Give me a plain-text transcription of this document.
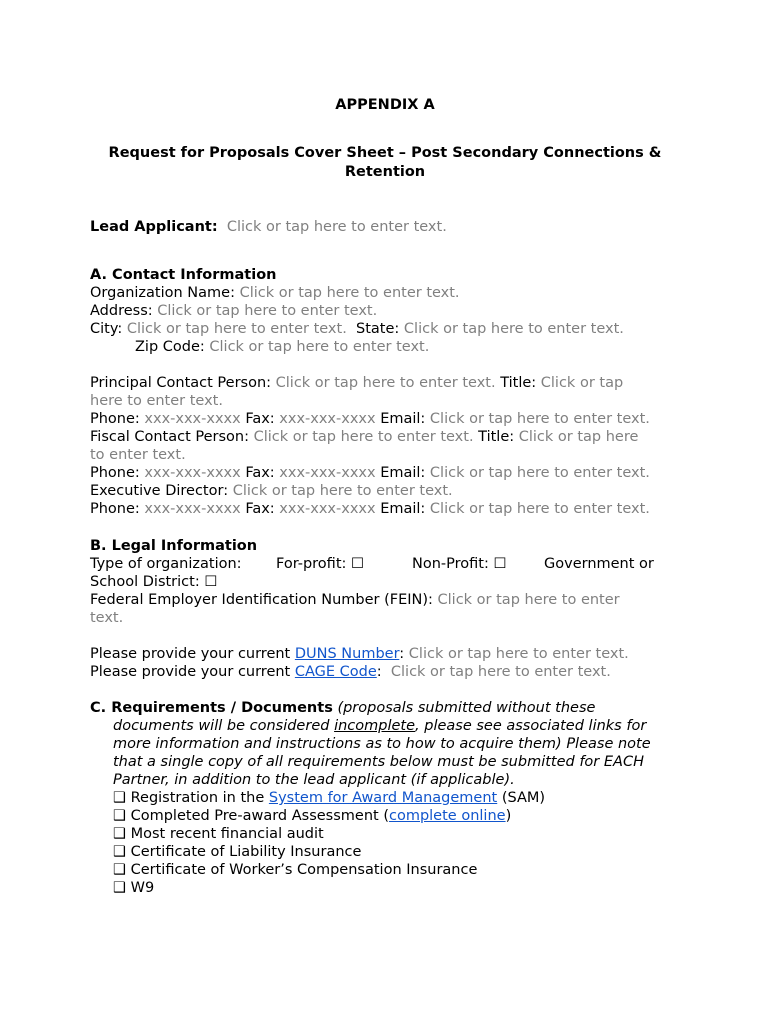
APPENDIX A
Request for Proposals Cover Sheet – Post Secondary Connections &
Retention
Lead Applicant: Click or tap here to enter text.
A. Contact Information
Organization Name: Click or tap here to enter text.
Address: Click or tap here to enter text.
City: Click or tap here to enter text. State: Click or tap here to enter text.
Zip Code: Click or tap here to enter text.
Principal Contact Person: Click or tap here to enter text. Title: Click or tap
here to enter text.
Phone: xxx-xxx-xxxx Fax: xxx-xxx-xxxx Email: Click or tap here to enter text.
Fiscal Contact Person: Click or tap here to enter text. Title: Click or tap here
to enter text.
Phone: xxx-xxx-xxxx Fax: xxx-xxx-xxxx Email: Click or tap here to enter text.
Executive Director: Click or tap here to enter text.
Phone: xxx-xxx-xxxx Fax: xxx-xxx-xxxx Email: Click or tap here to enter text.
B. Legal Information
Type of organization: For-profit: ☐	Non-Profit: ☐	Government or
School District: ☐
Federal Employer Identification Number (FEIN): Click or tap here to enter
text.
Please provide your current DUNS Number: Click or tap here to enter text.
Please provide your current CAGE Code: Click or tap here to enter text.
C. Requirements / Documents (proposals submitted without these
documents will be considered incomplete, please see associated links for
more information and instructions as to how to acquire them) Please note
that a single copy of all requirements below must be submitted for EACH
Partner, in addition to the lead applicant (if applicable).
❑ Registration in the System for Award Management (SAM)
❑ Completed Pre-award Assessment (complete online)
❑ Most recent financial audit
❑ Certificate of Liability Insurance
❑ Certificate of Worker’s Compensation Insurance
❑ W9
